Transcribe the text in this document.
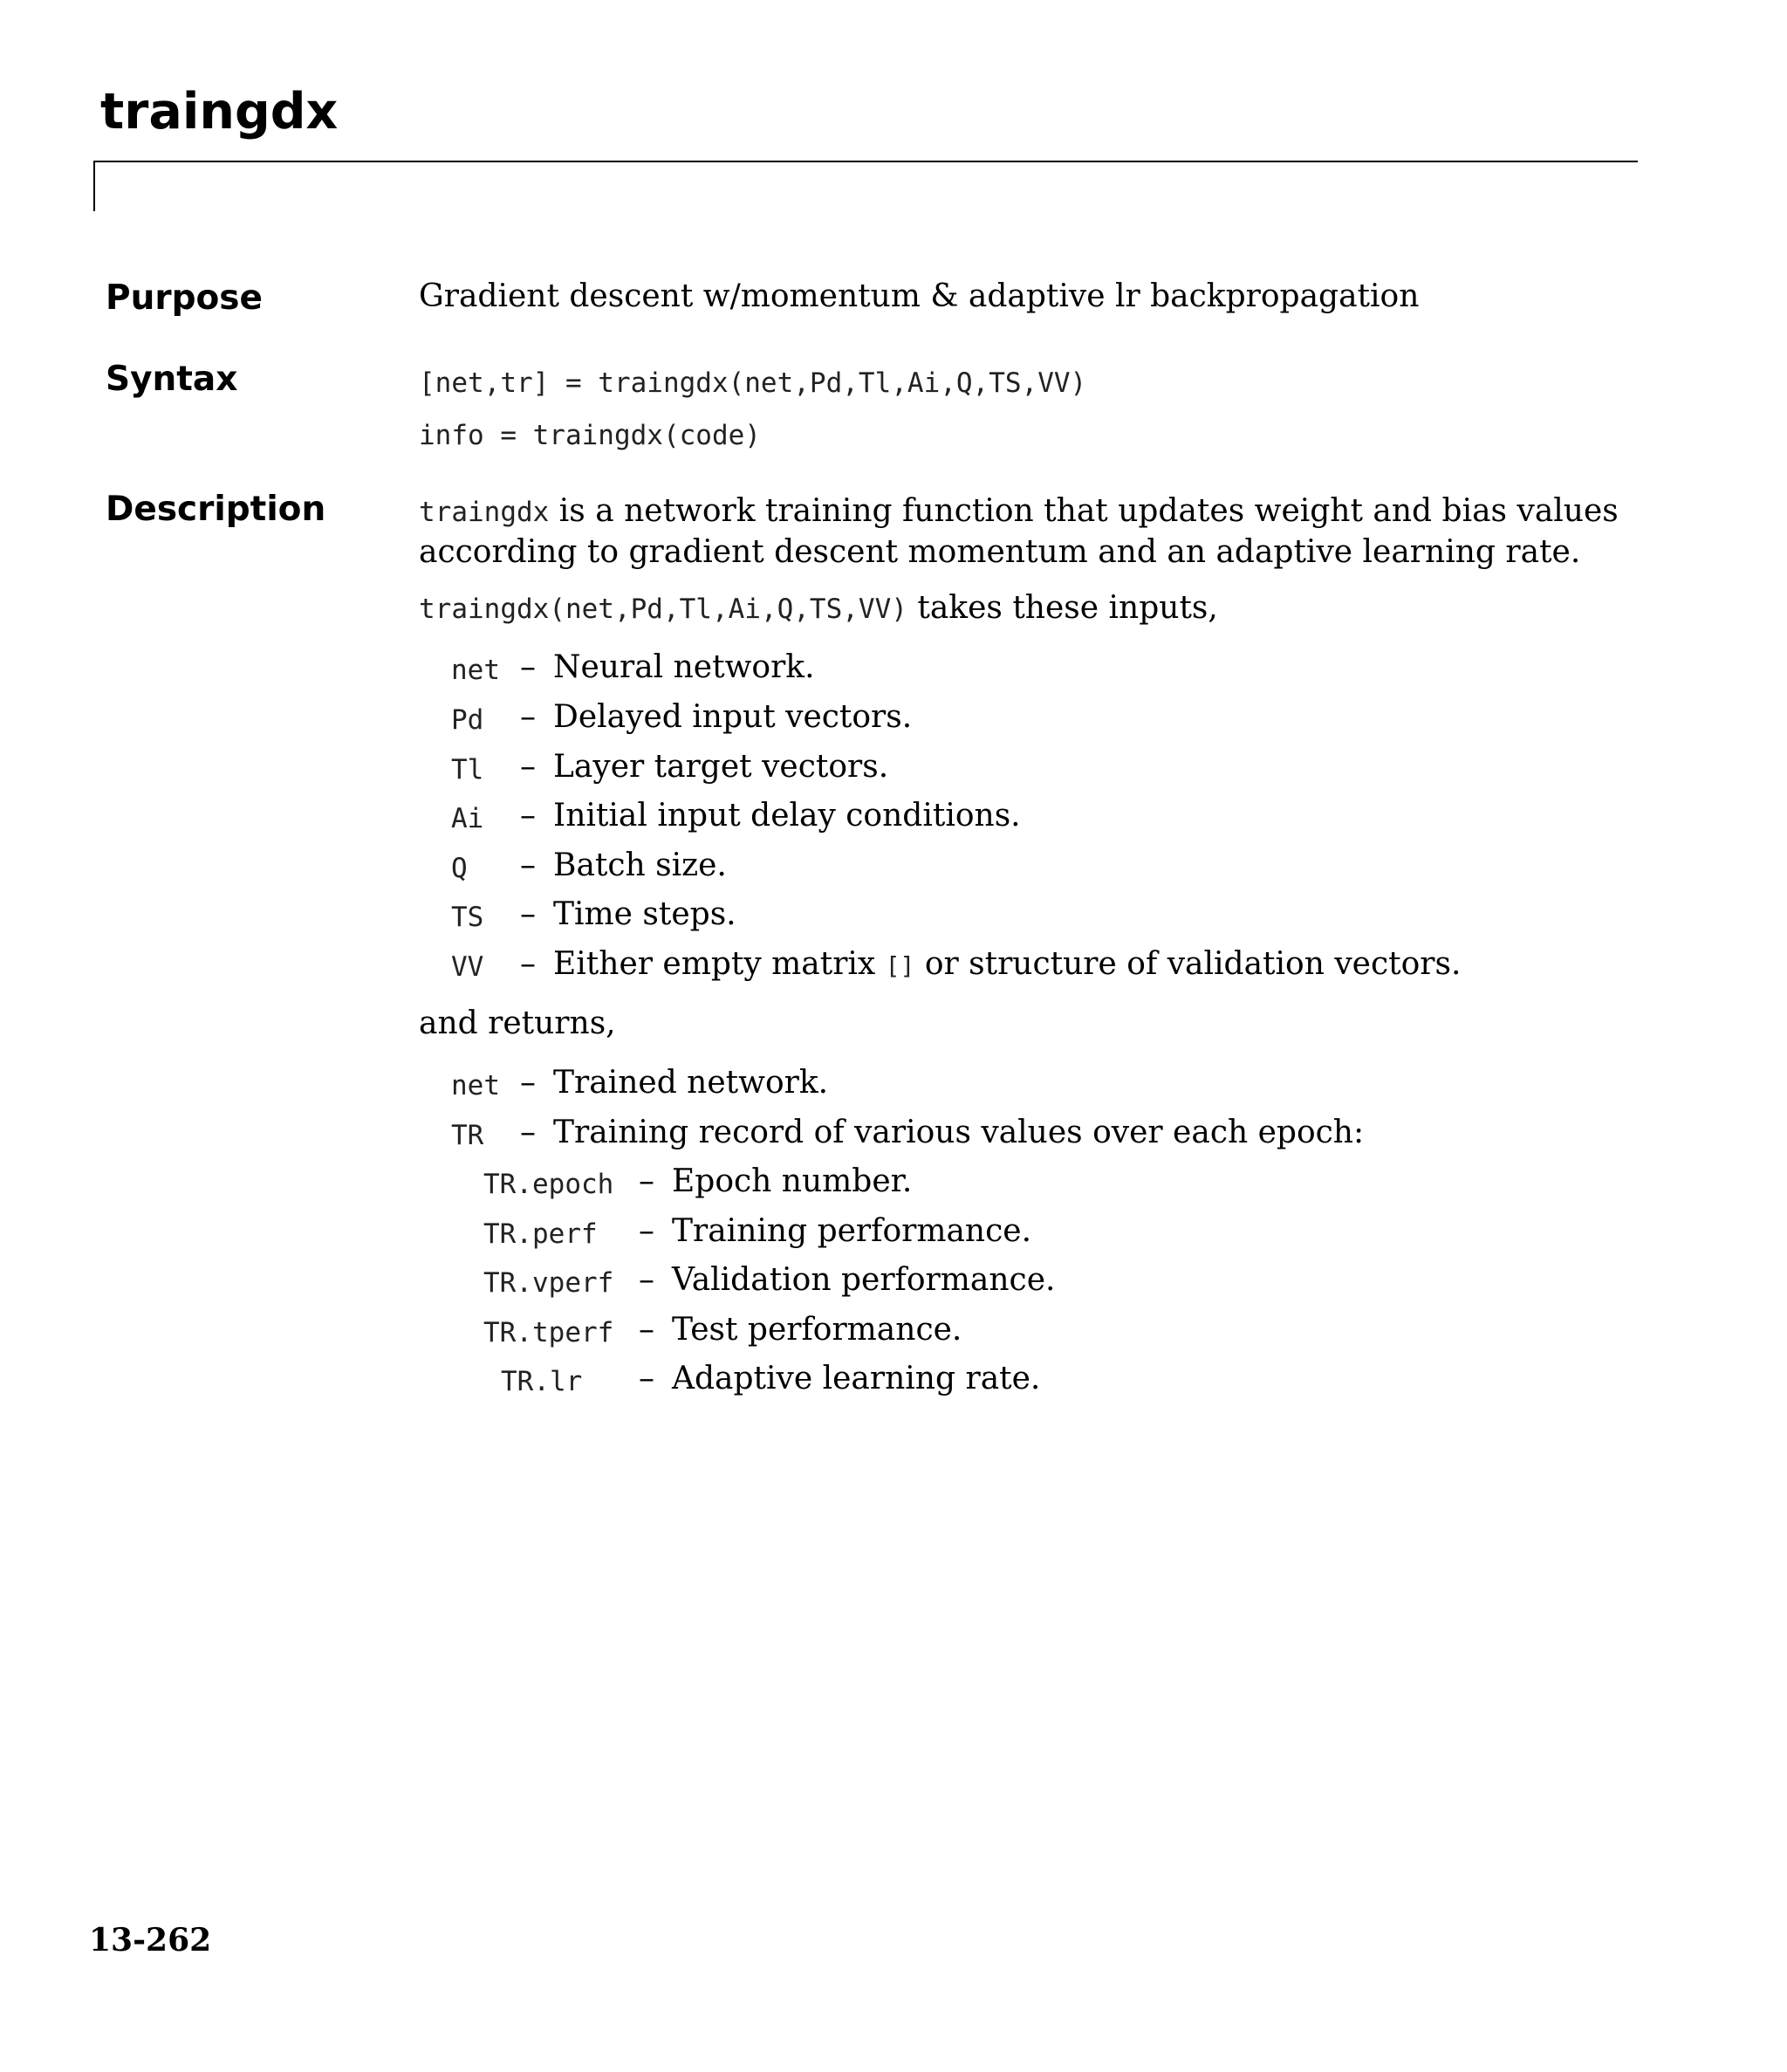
traingdx
Purpose	Gradient descent w/momentum & adaptive lr backpropagation
Syntax	[net,tr] = traingdx(net,Pd,Tl,Ai,Q,TS,VV)
info = traingdx(code)
Description	traingdx is a network training function that updates weight and bias values according to gradient descent momentum and an adaptive learning rate.
traingdx(net,Pd,Tl,Ai,Q,TS,VV) takes these inputs,
net – Neural network.
Pd – Delayed input vectors.
Tl – Layer target vectors.
Ai – Initial input delay conditions.
Q – Batch size.
TS – Time steps.
VV – Either empty matrix [] or structure of validation vectors.
and returns,
net – Trained network.
TR – Training record of various values over each epoch:
TR.epoch – Epoch number.
TR.perf – Training performance.
TR.vperf – Validation performance.
TR.tperf – Test performance.
TR.lr – Adaptive learning rate.
13-262
